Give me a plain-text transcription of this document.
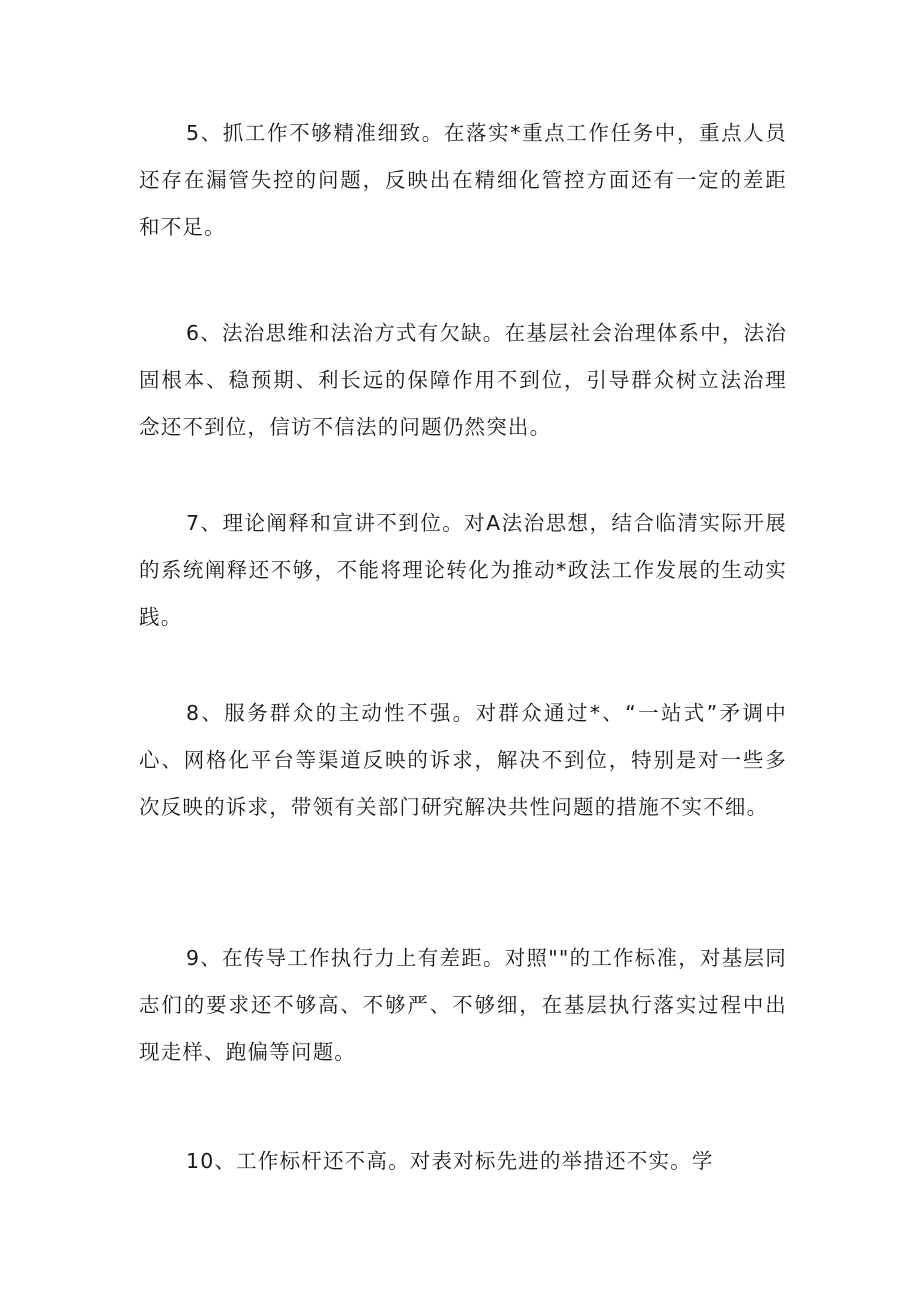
5、抓工作不够精准细致。在落实*重点工作任务中，重点人员还存在漏管失控的问题，反映出在精细化管控方面还有一定的差距和不足。

6、法治思维和法治方式有欠缺。在基层社会治理体系中，法治固根本、稳预期、利长远的保障作用不到位，引导群众树立法治理念还不到位，信访不信法的问题仍然突出。

7、理论阐释和宣讲不到位。对A法治思想，结合临清实际开展的系统阐释还不够，不能将理论转化为推动*政法工作发展的生动实践。

8、服务群众的主动性不强。对群众通过*、“一站式”矛调中心、网格化平台等渠道反映的诉求，解决不到位，特别是对一些多次反映的诉求，带领有关部门研究解决共性问题的措施不实不细。

9、在传导工作执行力上有差距。对照""的工作标准，对基层同志们的要求还不够高、不够严、不够细，在基层执行落实过程中出现走样、跑偏等问题。

10、工作标杆还不高。对表对标先进的举措还不实。学
